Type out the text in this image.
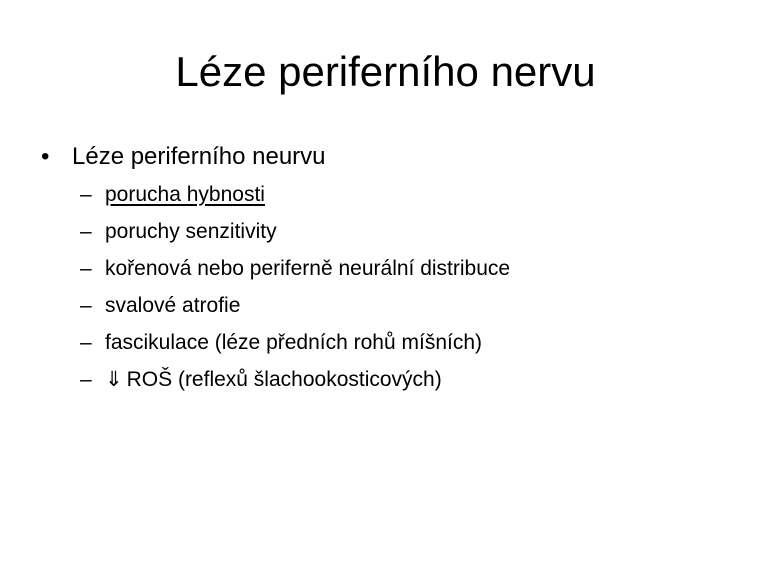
Léze periferního nervu
• Léze periferního neurvu
– porucha hybnosti
– poruchy senzitivity
– kořenová nebo periferně neurální distribuce
– svalové atrofie
– fascikulace (léze předních rohů míšních)
– ⇓ ROŠ (reflexů šlachookosticových)
